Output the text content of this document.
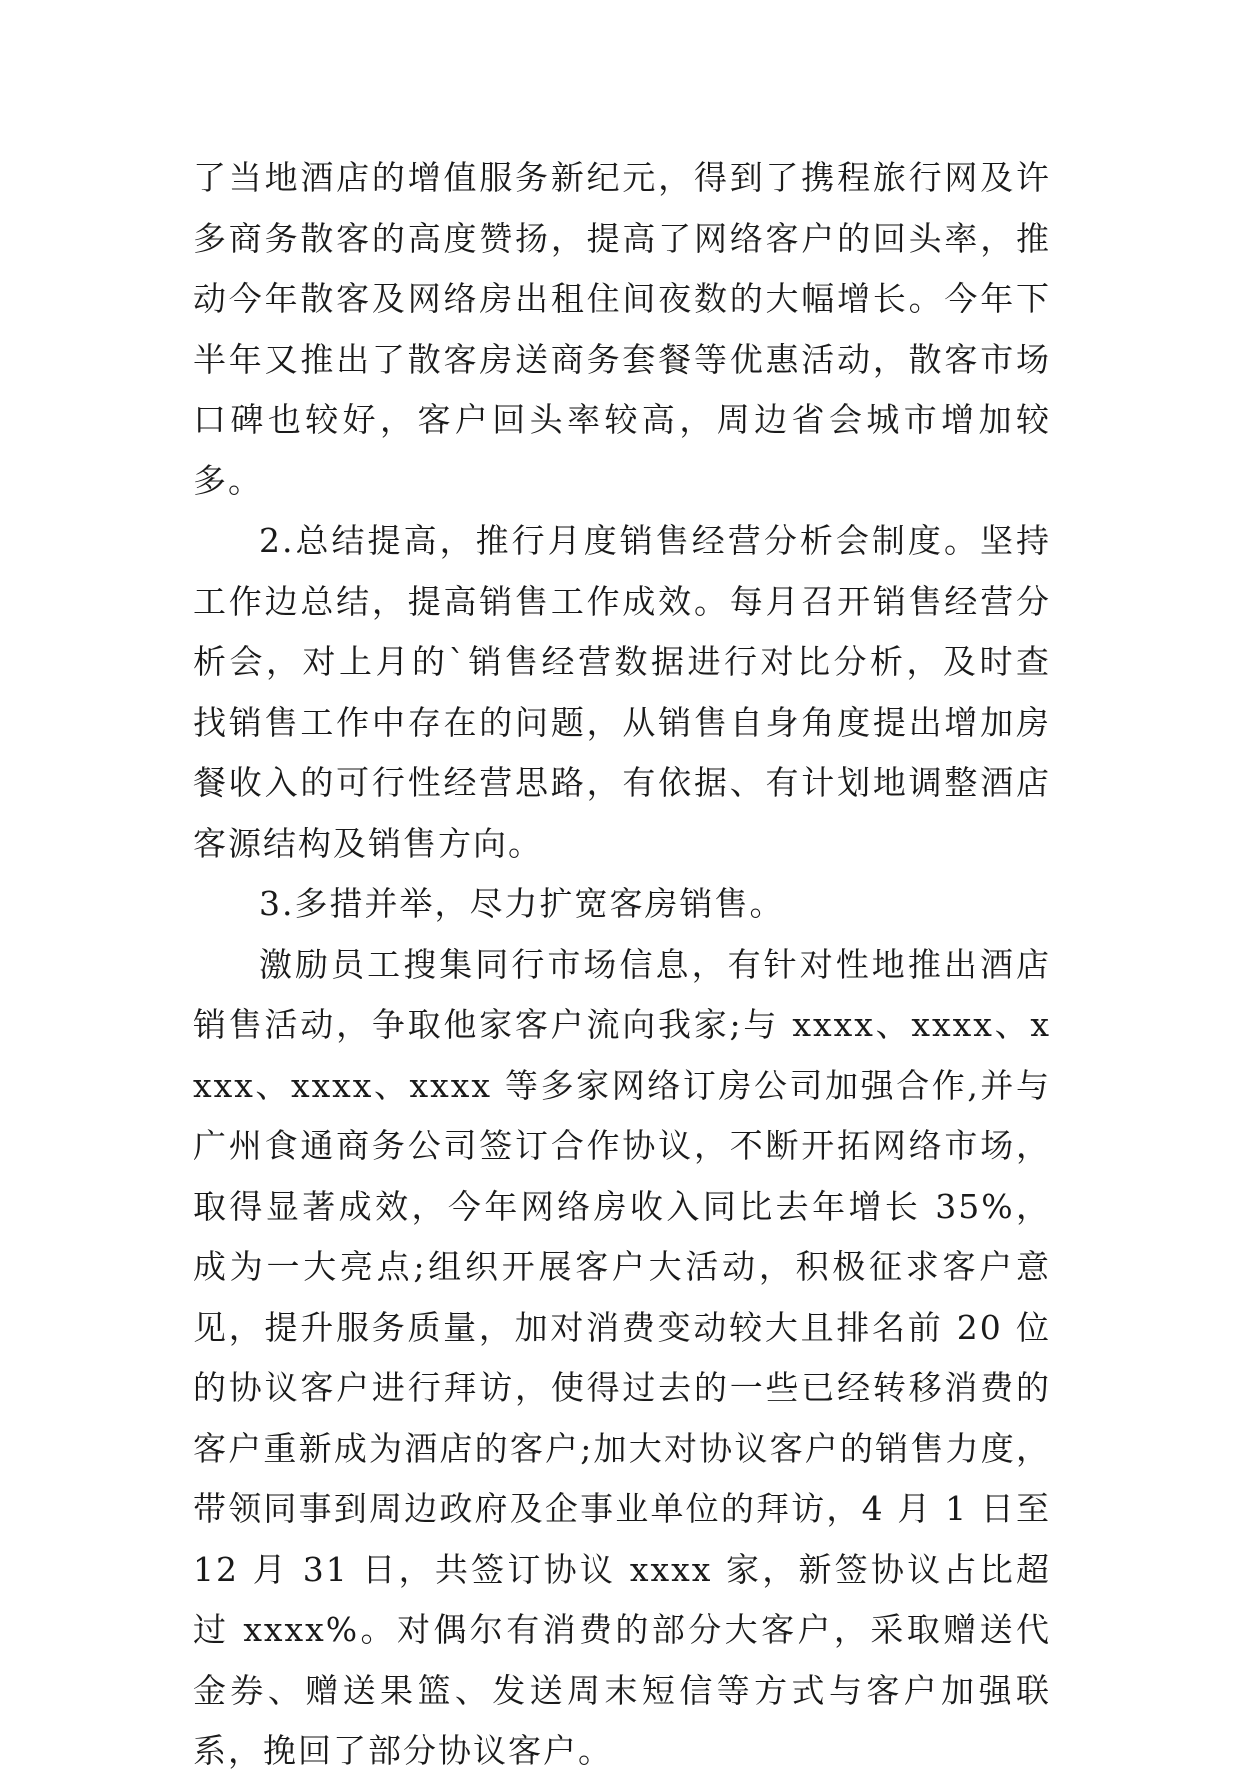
了当地酒店的增值服务新纪元，得到了携程旅行网及许多商务散客的高度赞扬，提高了网络客户的回头率，推动今年散客及网络房出租住间夜数的大幅增长。今年下半年又推出了散客房送商务套餐等优惠活动，散客市场口碑也较好，客户回头率较高，周边省会城市增加较多。

2.总结提高，推行月度销售经营分析会制度。坚持工作边总结，提高销售工作成效。每月召开销售经营分析会，对上月的`销售经营数据进行对比分析，及时查找销售工作中存在的问题，从销售自身角度提出增加房餐收入的可行性经营思路，有依据、有计划地调整酒店客源结构及销售方向。

3.多措并举，尽力扩宽客房销售。

激励员工搜集同行市场信息，有针对性地推出酒店销售活动，争取他家客户流向我家;与 xxxx、xxxx、xxxx、xxxx、xxxx 等多家网络订房公司加强合作,并与广州食通商务公司签订合作协议，不断开拓网络市场，取得显著成效，今年网络房收入同比去年增长 35%，成为一大亮点;组织开展客户大活动，积极征求客户意见，提升服务质量，加对消费变动较大且排名前 20 位的协议客户进行拜访，使得过去的一些已经转移消费的客户重新成为酒店的客户;加大对协议客户的销售力度，带领同事到周边政府及企事业单位的拜访，4 月 1 日至 12 月 31 日，共签订协议 xxxx 家，新签协议占比超过 xxxx%。对偶尔有消费的部分大客户，采取赠送代金券、赠送果篮、发送周末短信等方式与客户加强联系，挽回了部分协议客户。
